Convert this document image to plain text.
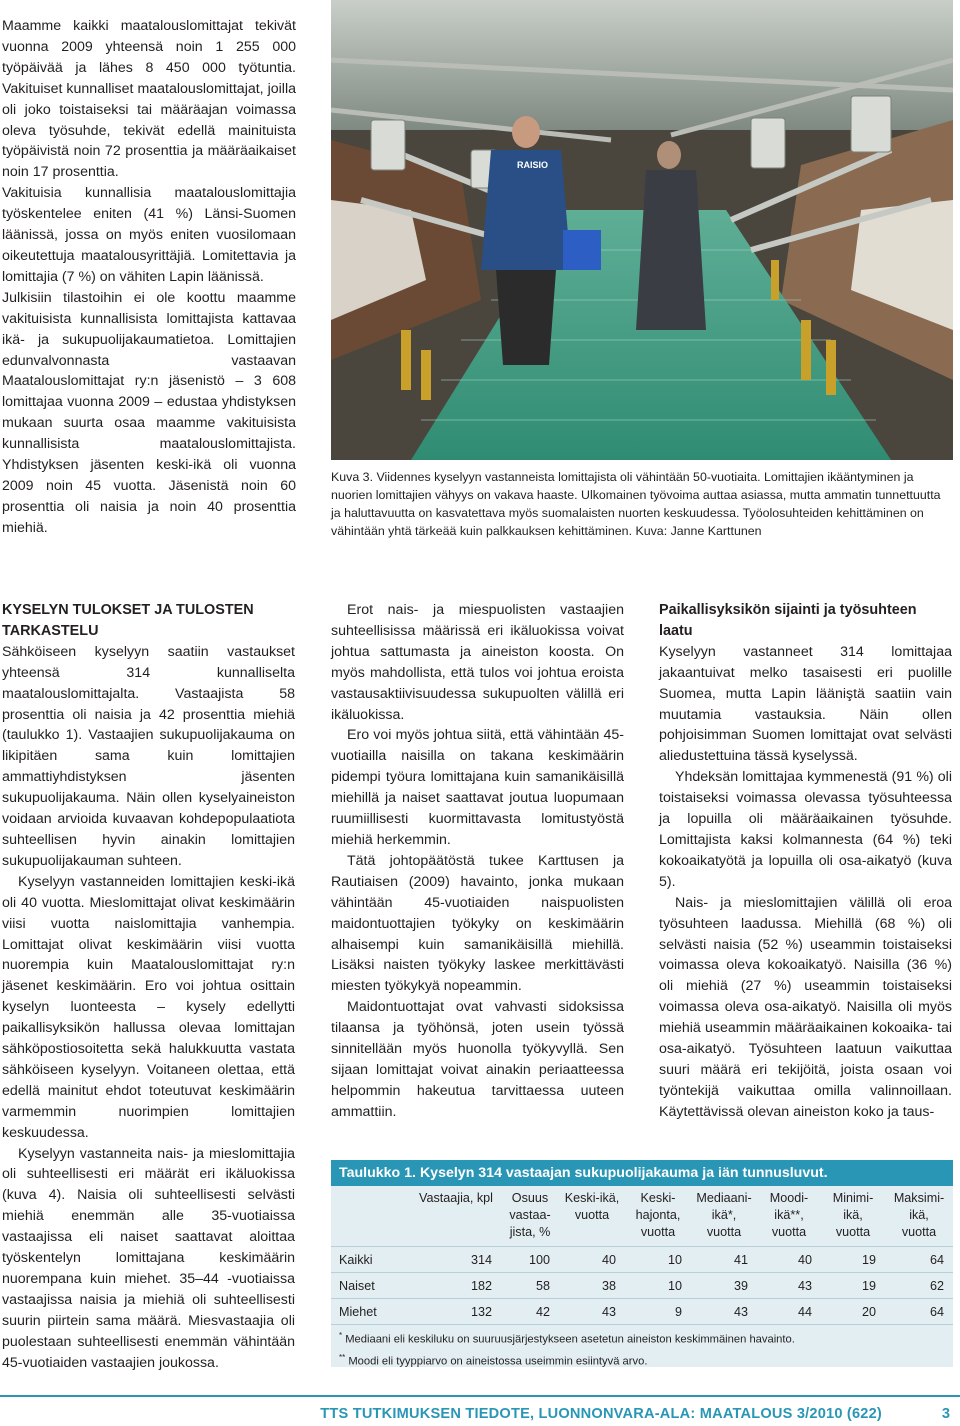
Maamme kaikki maatalouslomittajat tekivät vuonna 2009 yhteensä noin 1 255 000 työpäivää ja lähes 8 450 000 työtuntia. Vakituiset kunnalliset maatalouslomittajat, joilla oli joko toistaiseksi tai määräajan voimassa oleva työsuhde, tekivät edellä mainituista työpäivistä noin 72 prosenttia ja määräaikaiset noin 17 prosenttia.

Vakituisia kunnallisia maatalouslomittajia työskentelee eniten (41 %) Länsi-Suomen läänissä, jossa on myös eniten vuosilomaan oikeutettuja maatalousyrittäjiä. Lomitettavia ja lomittajia (7 %) on vähiten Lapin läänissä.

Julkisiin tilastoihin ei ole koottu maamme vakituisista kunnallisista lomittajista kattavaa ikä- ja sukupuolijakaumatietoa. Lomittajien edunvalvonnasta vastaavan Maatalouslomittajat ry:n jäsenistö – 3 608 lomittajaa vuonna 2009 – edustaa yhdistyksen mukaan suurta osaa maamme vakituisista kunnallisista maatalouslomittajista. Yhdistyksen jäsenten keski-ikä oli vuonna 2009 noin 45 vuotta. Jäsenistä noin 60 prosenttia oli naisia ja noin 40 prosenttia miehiä.

RAISIO
Kuva 3. Viidennes kyselyyn vastanneista lomittajista oli vähintään 50-vuotiaita. Lomittajien ikääntyminen ja nuorien lomittajien vähyys on vakava haaste. Ulkomainen työvoima auttaa asiassa, mutta ammatin tunnettuutta ja haluttavuutta on kasvatettava myös suomalaisten nuorten keskuudessa. Työolosuhteiden kehittäminen on vähintään yhtä tärkeää kuin palkkauksen kehittäminen. Kuva: Janne Karttunen
KYSELYN TULOKSET JA TULOSTEN TARKASTELU

Sähköiseen kyselyyn saatiin vastaukset yhteensä 314 kunnalliselta maatalouslomittajalta. Vastaajista 58 prosenttia oli naisia ja 42 prosenttia miehiä (taulukko 1). Vastaajien sukupuolijakauma on likipitäen sama kuin lomittajien ammattiyhdistyksen jäsenten sukupuolijakauma. Näin ollen kyselyaineiston voidaan arvioida kuvaavan kohdepopulaatiota suhteellisen hyvin ainakin lomittajien sukupuolijakauman suhteen.

Kyselyyn vastanneiden lomittajien keski-ikä oli 40 vuotta. Mieslomittajat olivat keskimäärin viisi vuotta naislomittajia vanhempia. Lomittajat olivat keskimäärin viisi vuotta nuorempia kuin Maatalouslomittajat ry:n jäsenet keskimäärin. Ero voi johtua osittain kyselyn luonteesta – kysely edellytti paikallisyksikön hallussa olevaa lomittajan sähköpostiosoitetta sekä halukkuutta vastata sähköiseen kyselyyn. Voitaneen olettaa, että edellä mainitut ehdot toteutuvat keskimäärin varmemmin nuorimpien lomittajien keskuudessa.

Kyselyyn vastanneita nais- ja mieslomittajia oli suhteellisesti eri määrät eri ikäluokissa (kuva 4). Naisia oli suhteellisesti selvästi miehiä enemmän alle 35-vuotiaissa vastaajissa eli naiset saattavat aloittaa työskentelyn lomittajana keskimäärin nuorempana kuin miehet. 35–44 -vuotiaissa vastaajissa naisia ja miehiä oli suhteellisesti suurin piirtein sama määrä. Miesvastaajia oli puolestaan suhteellisesti enemmän vähintään 45-vuotiaiden vastaajien joukossa.

Erot nais- ja miespuolisten vastaajien suhteellisissa määrissä eri ikäluokissa voivat johtua sattumasta ja aineiston koosta. On myös mahdollista, että tulos voi johtua eroista vastausaktiivisuudessa sukupuolten välillä eri ikäluokissa.

Ero voi myös johtua siitä, että vähintään 45-vuotiailla naisilla on takana keskimäärin pidempi työura lomittajana kuin samanikäisillä miehillä ja naiset saattavat joutua luopumaan ruumiillisesti kuormittavasta lomitustyöstä miehiä herkemmin.

Tätä johtopäätöstä tukee Karttusen ja Rautiaisen (2009) havainto, jonka mukaan vähintään 45-vuotiaiden naispuolisten maidontuottajien työkyky on keskimäärin alhaisempi kuin samanikäisillä miehillä. Lisäksi naisten työkyky laskee merkittävästi miesten työkykyä nopeammin.

Maidontuottajat ovat vahvasti sidoksissa tilaansa ja työhönsä, joten usein työssä sinnitellään myös huonolla työkyvyllä. Sen sijaan lomittajat voivat ainakin periaatteessa helpommin hakeutua tarvittaessa uuteen ammattiin.

Paikallisyksikön sijainti ja työsuhteen laatu

Kyselyyn vastanneet 314 lomittajaa jakaantuivat melko tasaisesti eri puolille Suomea, mutta Lapin lääniştä saatiin vain muutamia vastauksia. Näin ollen pohjoisimman Suomen lomittajat ovat selvästi aliedustettuina tässä kyselyssä.

Yhdeksän lomittajaa kymmenestä (91 %) oli toistaiseksi voimassa olevassa työsuhteessa ja lopuilla oli määräaikainen työsuhde. Lomittajista kaksi kolmannesta (64 %) teki kokoaikatyötä ja lopuilla oli osa-aikatyö (kuva 5).

Nais- ja mieslomittajien välillä oli eroa työsuhteen laadussa. Miehillä (68 %) oli selvästi naisia (52 %) useammin toistaiseksi voimassa oleva kokoaikatyö. Naisilla (36 %) oli miehiä (27 %) useammin toistaiseksi voimassa oleva osa-aikatyö. Naisilla oli myös miehiä useammin määräaikainen kokoaika- tai osa-aikatyö. Työsuhteen laatuun vaikuttaa suuri määrä eri tekijöitä, joista osaan voi työntekijä vaikuttaa omilla valinnoillaan. Käytettävissä olevan aineiston koko ja taus-

Taulukko 1. Kyselyn 314 vastaajan sukupuolijakauma ja iän tunnusluvut.
	Vastaajia, kpl	Osuus
vastaa-
jista, %	Keski-ikä,
vuotta	Keski-
hajonta,
vuotta	Mediaani-
ikä*,
vuotta	Moodi-
ikä**,
vuotta	Minimi-
ikä,
vuotta	Maksimi-
ikä,
vuotta
Kaikki	314	100	40	10	41	40	19	64
Naiset	182	58	38	10	39	43	19	62
Miehet	132	42	43	9	43	44	20	64
* Mediaani eli keskiluku on suuruusjärjestykseen asetetun aineiston keskimmäinen havainto.
** Moodi eli tyyppiarvo on aineistossa useimmin esiintyvä arvo.
TTS TUTKIMUKSEN TIEDOTE, LUONNONVARA-ALA: MAATALOUS 3/2010 (622)	3
